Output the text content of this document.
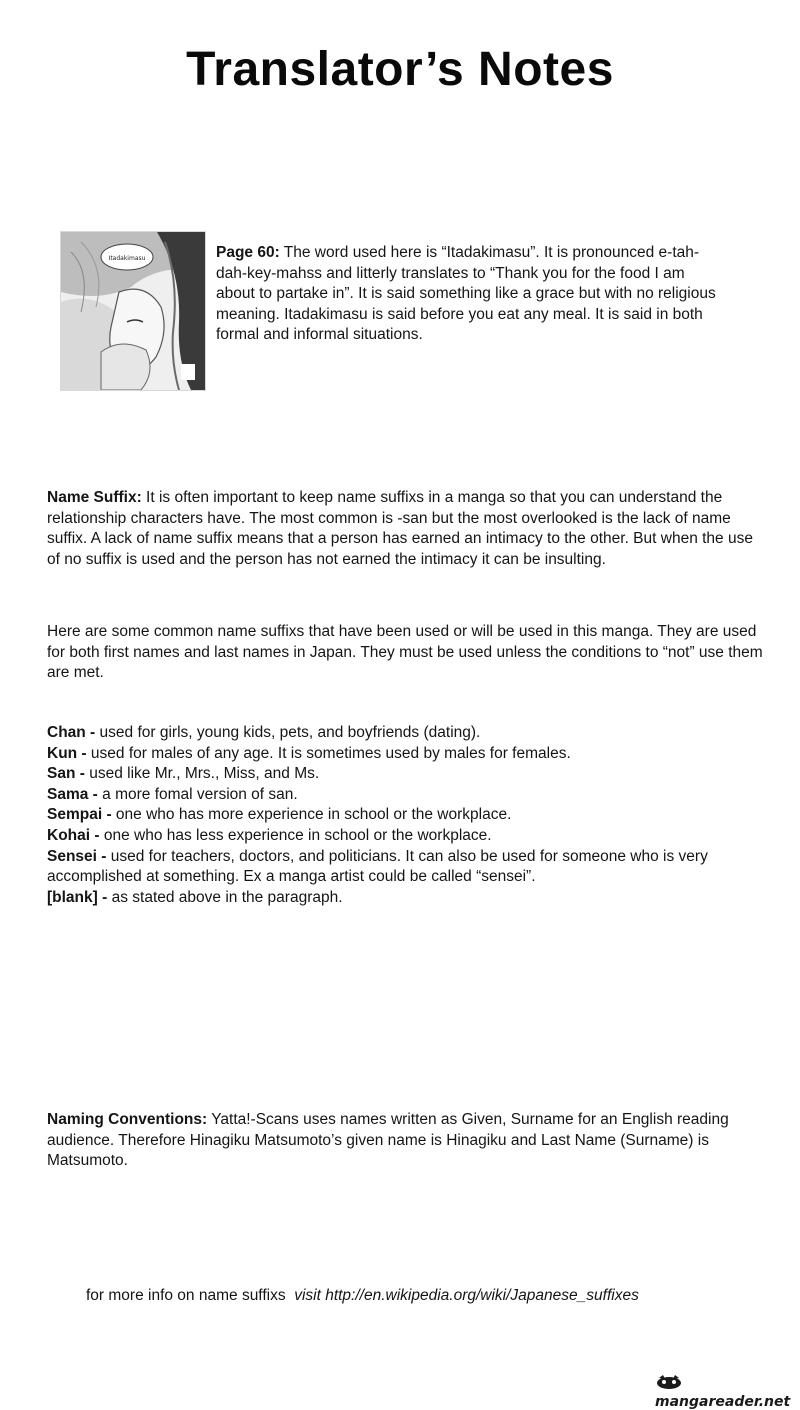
Translator’s Notes
Itadakimasu	Page 60: The word used here is “Itadakimasu”. It is pronounced e-tah-dah-key-mahss and litterly translates to “Thank you for the food I am about to partake in”. It is said something like a grace but with no religious meaning. Itadakimasu is said before you eat any meal. It is said in both formal and informal situations.

Name Suffix: It is often important to keep name suffixs in a manga so that you can understand the relationship characters have. The most common is -san but the most overlooked is the lack of name suffix. A lack of name suffix means that a person has earned an intimacy to the other. But when the use of no suffix is used and the person has not earned the intimacy it can be insulting.

Here are some common name suffixs that have been used or will be used in this manga. They are used for both first names and last names in Japan. They must be used unless the conditions to “not” use them are met.

Chan - used for girls, young kids, pets, and boyfriends (dating).
Kun - used for males of any age. It is sometimes used by males for females.
San - used like Mr., Mrs., Miss, and Ms.
Sama - a more fomal version of san.
Sempai - one who has more experience in school or the workplace.
Kohai - one who has less experience in school or the workplace.
Sensei - used for teachers, doctors, and politicians. It can also be used for someone who is very accomplished at something. Ex a manga artist could be called “sensei”.
[blank] - as stated above in the paragraph.

Naming Conventions: Yatta!-Scans uses names written as Given, Surname for an English reading audience. Therefore Hinagiku Matsumoto’s given name is Hinagiku and Last Name (Surname) is Matsumoto.

for more info on name suffixs  visit http://en.wikipedia.org/wiki/Japanese_suffixes
mangareader.net
